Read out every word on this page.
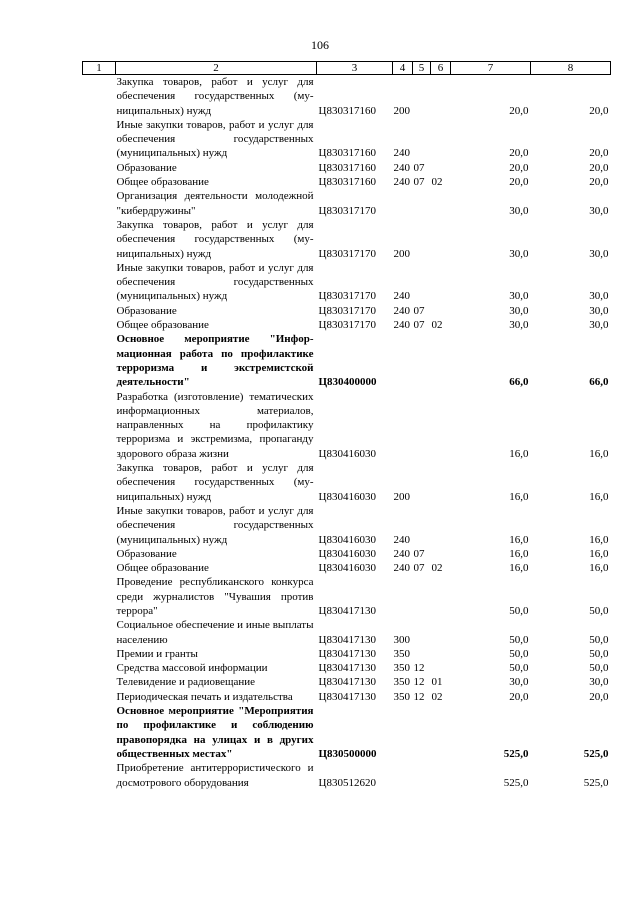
106
1	2	3	4	5	6	7	8
	Закупка товаров, работ и услуг для обеспечения государственных (муниципальных) нужд	Ц830317160	200			20,0	20,0
	Иные закупки товаров, работ и услуг для обеспечения государственных (муниципальных) нужд	Ц830317160	240			20,0	20,0
	Образование	Ц830317160	240	07		20,0	20,0
	Общее образование	Ц830317160	240	07	02	20,0	20,0
	Организация деятельности молодежной "кибердружины"	Ц830317170				30,0	30,0
	Закупка товаров, работ и услуг для обеспечения государственных (муниципальных) нужд	Ц830317170	200			30,0	30,0
	Иные закупки товаров, работ и услуг для обеспечения государственных (муниципальных) нужд	Ц830317170	240			30,0	30,0
	Образование	Ц830317170	240	07		30,0	30,0
	Общее образование	Ц830317170	240	07	02	30,0	30,0
	Основное мероприятие "Информационная работа по профилактике терроризма и экстремистской деятельности"	Ц830400000				66,0	66,0
	Разработка (изготовление) тематических информационных материалов, направленных на профилактику терроризма и экстремизма, пропаганду здорового образа жизни	Ц830416030				16,0	16,0
	Закупка товаров, работ и услуг для обеспечения государственных (муниципальных) нужд	Ц830416030	200			16,0	16,0
	Иные закупки товаров, работ и услуг для обеспечения государственных (муниципальных) нужд	Ц830416030	240			16,0	16,0
	Образование	Ц830416030	240	07		16,0	16,0
	Общее образование	Ц830416030	240	07	02	16,0	16,0
	Проведение республиканского конкурса среди журналистов "Чувашия против террора"	Ц830417130				50,0	50,0
	Социальное обеспечение и иные выплаты населению	Ц830417130	300			50,0	50,0
	Премии и гранты	Ц830417130	350			50,0	50,0
	Средства массовой информации	Ц830417130	350	12		50,0	50,0
	Телевидение и радиовещание	Ц830417130	350	12	01	30,0	30,0
	Периодическая печать и издательства	Ц830417130	350	12	02	20,0	20,0
	Основное мероприятие "Мероприятия по профилактике и соблюдению правопорядка на улицах и в других общественных местах"	Ц830500000				525,0	525,0
	Приобретение антитеррористического и досмотрового оборудования	Ц830512620				525,0	525,0
